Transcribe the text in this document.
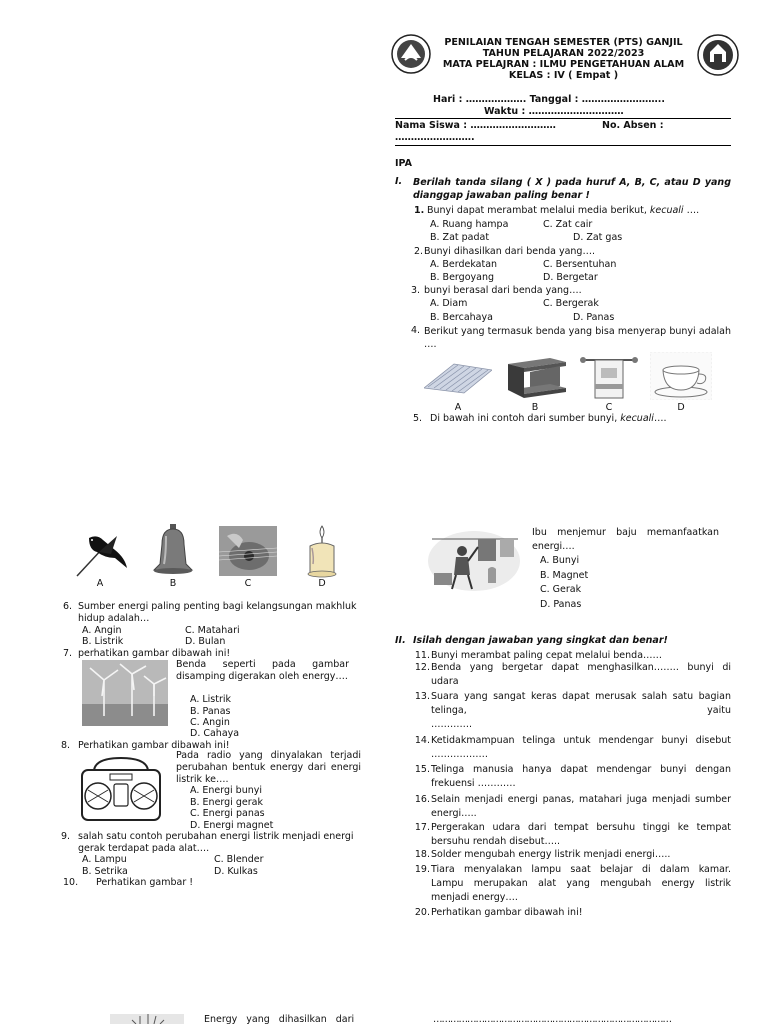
PENILAIAN TENGAH SEMESTER (PTS) GANJIL
TAHUN PELAJARAN 2022/2023
MATA PELAJRAN : ILMU PENGETAHUAN ALAM
KELAS : IV ( Empat )
Hari : ………………. Tanggal : ……………………..
Waktu : …………………………
Nama Siswa : ………………………	No. Absen :
…………………….
IPA
I. Berilah tanda silang ( X ) pada huruf A, B, C, atau D yang dianggap jawaban paling benar !
1. Bunyi dapat merambat melalui media berikut, kecuali ….
A. Ruang hampa	C. Zat cair
B. Zat padat	D. Zat gas
2. Bunyi dihasilkan dari benda yang….
A. Berdekatan	C. Bersentuhan
B. Bergoyang	D. Bergetar
3. bunyi berasal dari benda yang….
A. Diam	C. Bergerak
B. Bercahaya	D. Panas
4. Berikut yang termasuk benda yang bisa menyerap bunyi adalah ….
A	B	C	D
5. Di bawah ini contoh dari sumber bunyi, kecuali….
A	B	C	D
6. Sumber energi paling penting bagi kelangsungan makhluk hidup adalah…
A. Angin	C. Matahari
B. Listrik	D. Bulan
7. perhatikan gambar dibawah ini!
Benda seperti pada gambar disamping digerakan oleh energy….
A. Listrik
B. Panas
C. Angin
D. Cahaya
8. Perhatikan gambar dibawah ini!
Pada radio yang dinyalakan terjadi perubahan bentuk energy dari energi listrik ke….
A. Energi bunyi
B. Energi gerak
C. Energi panas
D. Energi magnet
9. salah satu contoh perubahan energi listrik menjadi energi gerak terdapat pada alat….
A. Lampu	C. Blender
B. Setrika	D. Kulkas
10. Perhatikan gambar !
Energy yang dihasilkan dari
Ibu menjemur baju memanfaatkan energi….
A. Bunyi
B. Magnet
C. Gerak
D. Panas
II. Isilah dengan jawaban yang singkat dan benar!
11. Bunyi merambat paling cepat melalui benda……
12. Benda yang bergetar dapat menghasilkan…….. bunyi di
udara
13. Suara yang sangat keras dapat merusak salah satu bagian
telinga, yaitu
………….
14. Ketidakmampuan telinga untuk mendengar bunyi disebut
………………
15. Telinga manusia hanya dapat mendengar bunyi dengan
frekuensi …………
16. Selain menjadi energi panas, matahari juga menjadi sumber
energi…..
17. Pergerakan udara dari tempat bersuhu tinggi ke tempat
bersuhu rendah disebut…..
18. Solder mengubah energy listrik menjadi energi…..
19. Tiara menyalakan lampu saat belajar di dalam kamar.
Lampu merupakan alat yang mengubah energy listrik
menjadi energy….
20. Perhatikan gambar dibawah ini!
…………………………………………………………………………
